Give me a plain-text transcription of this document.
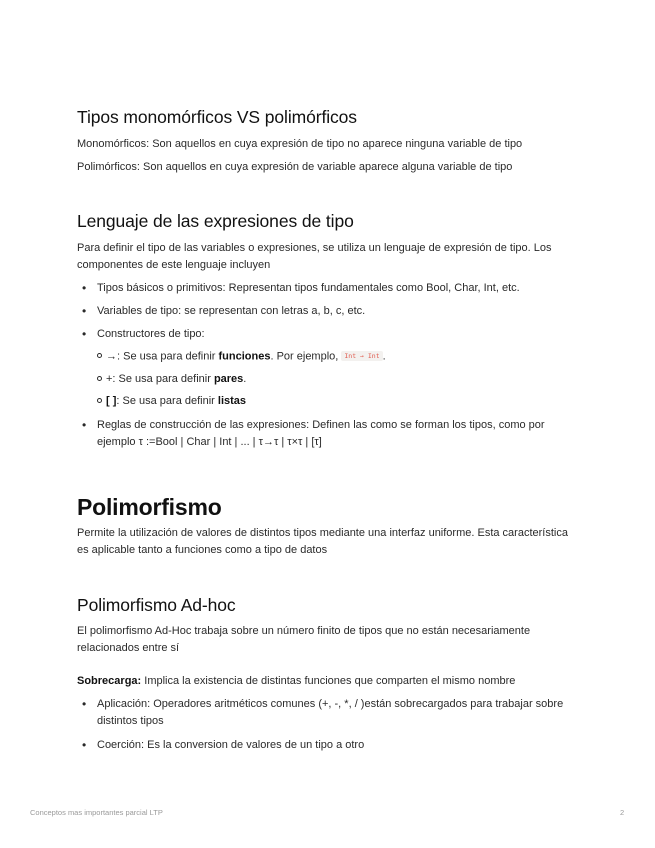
Tipos monomórficos VS polimórficos

Monomórficos: Son aquellos en cuya expresión de tipo no aparece ninguna variable de tipo

Polimórficos: Son aquellos en cuya expresión de variable aparece alguna variable de tipo

Lenguaje de las expresiones de tipo

Para definir el tipo de las variables o expresiones, se utiliza un lenguaje de expresión de tipo. Los componentes de este lenguaje incluyen

• Tipos básicos o primitivos: Representan tipos fundamentales como Bool, Char, Int, etc.
• Variables de tipo: se representan con letras a, b, c, etc.
• Constructores de tipo:
→: Se usa para definir funciones. Por ejemplo, Int → Int .
+: Se usa para definir pares.
[ ]: Se usa para definir listas
• Reglas de construcción de las expresiones: Definen las como se forman los tipos, como por ejemplo τ :=Bool | Char | Int | ... | τ→τ | τ×τ | [τ]
Polimorfismo

Permite la utilización de valores de distintos tipos mediante una interfaz uniforme. Esta característica es aplicable tanto a funciones como a tipo de datos

Polimorfismo Ad-hoc

El polimorfismo Ad-Hoc trabaja sobre un número finito de tipos que no están necesariamente relacionados entre sí

Sobrecarga: Implica la existencia de distintas funciones que comparten el mismo nombre

• Aplicación: Operadores aritméticos comunes (+, -, *, / )están sobrecargados para trabajar sobre distintos tipos
• Coerción: Es la conversion de valores de un tipo a otro
Conceptos mas importantes parcial LTP	2
